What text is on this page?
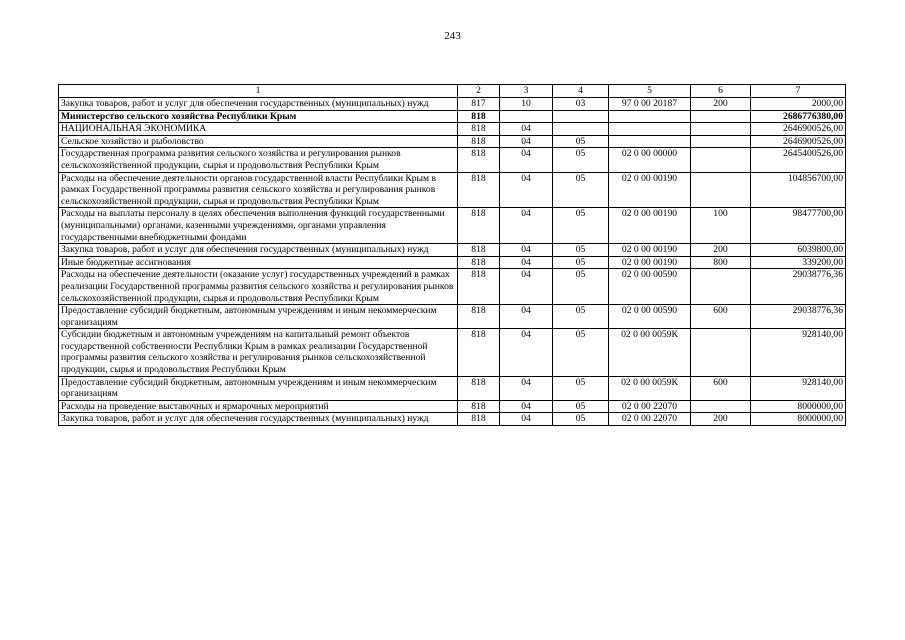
243
1	2	3	4	5	6	7
Закупка товаров, работ и услуг для обеспечения государственных (муниципальных) нужд	817	10	03	97 0 00 20187	200	2000,00
Министерство сельского хозяйства Республики Крым	818					2686776380,00
НАЦИОНАЛЬНАЯ ЭКОНОМИКА	818	04				2646900526,00
Сельское хозяйство и рыболовство	818	04	05			2646900526,00
Государственная программа развития сельского хозяйства и регулирования рынков сельскохозяйственной продукции, сырья и продовольствия Республики Крым	818	04	05	02 0 00 00000		2645400526,00
Расходы на обеспечение деятельности органов государственной власти Республики Крым в рамках Государственной программы развития сельского хозяйства и регулирования рынков сельскохозяйственной продукции, сырья и продовольствия Республики Крым	818	04	05	02 0 00 00190		104856700,00
Расходы на выплаты персоналу в целях обеспечения выполнения функций государственными (муниципальными) органами, казенными учреждениями, органами управления государственными внебюджетными фондами	818	04	05	02 0 00 00190	100	98477700,00
Закупка товаров, работ и услуг для обеспечения государственных (муниципальных) нужд	818	04	05	02 0 00 00190	200	6039800,00
Иные бюджетные ассигнования	818	04	05	02 0 00 00190	800	339200,00
Расходы на обеспечение деятельности (оказание услуг) государственных учреждений в рамках реализации Государственной программы развития сельского хозяйства и регулирования рынков сельскохозяйственной продукции, сырья и продовольствия Республики Крым	818	04	05	02 0 00 00590		29038776,36
Предоставление субсидий бюджетным, автономным учреждениям и иным некоммерческим организациям	818	04	05	02 0 00 00590	600	29038776,36
Субсидии бюджетным и автономным учреждениям на капитальный ремонт объектов государственной собственности Республики Крым в рамках реализации Государственной программы развития сельского хозяйства и регулирования рынков сельскохозяйственной продукции, сырья и продовольствия Республики Крым	818	04	05	02 0 00 0059К		928140,00
Предоставление субсидий бюджетным, автономным учреждениям и иным некоммерческим организациям	818	04	05	02 0 00 0059К	600	928140,00
Расходы на проведение выставочных и ярмарочных мероприятий	818	04	05	02 0 00 22070		8000000,00
Закупка товаров, работ и услуг для обеспечения государственных (муниципальных) нужд	818	04	05	02 0 00 22070	200	8000000,00
